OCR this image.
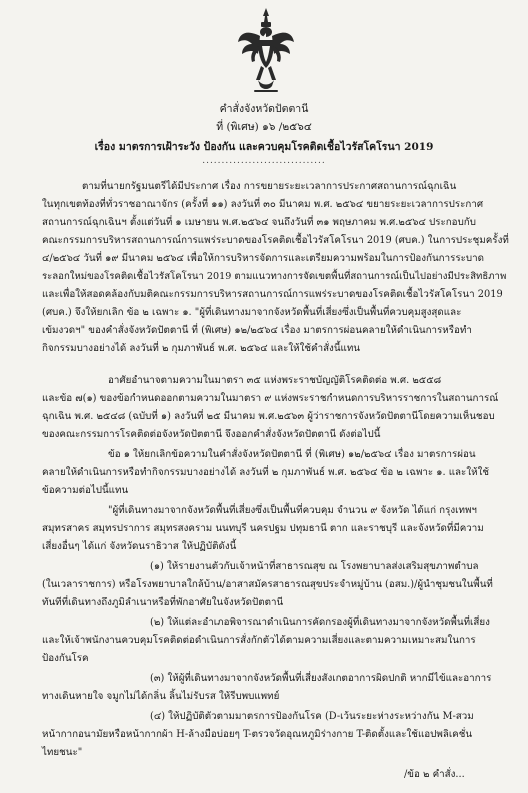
คำสั่งจังหวัดปัตตานี
ที่ (พิเศษ) ๑๖ /๒๕๖๔
เรื่อง มาตรการเฝ้าระวัง ป้องกัน และควบคุมโรคติดเชื้อไวรัสโคโรนา 2019
................................
ตามที่นายกรัฐมนตรีได้มีประกาศ เรื่อง การขยายระยะเวลาการประกาศสถานการณ์ฉุกเฉิน
ในทุกเขตท้องที่ทั่วราชอาณาจักร (ครั้งที่ ๑๑) ลงวันที่ ๓๐ มีนาคม พ.ศ. ๒๕๖๔ ขยายระยะเวลาการประกาศ
สถานการณ์ฉุกเฉินฯ ตั้งแต่วันที่ ๑ เมษายน พ.ศ.๒๕๖๔ จนถึงวันที่ ๓๑ พฤษภาคม พ.ศ.๒๕๖๔ ประกอบกับ
คณะกรรมการบริหารสถานการณ์การแพร่ระบาดของโรคติดเชื้อไวรัสโคโรนา 2019 (ศบค.) ในการประชุมครั้งที่
๔/๒๕๖๔ วันที่ ๑๙ มีนาคม ๒๕๖๔ เพื่อให้การบริหารจัดการและเตรียมความพร้อมในการป้องกันการระบาด
ระลอกใหม่ของโรคติดเชื้อไวรัสโคโรนา 2019 ตามแนวทางการจัดเขตพื้นที่สถานการณ์เป็นไปอย่างมีประสิทธิภาพ
และเพื่อให้สอดคล้องกับมติคณะกรรมการบริหารสถานการณ์การแพร่ระบาดของโรคติดเชื้อไวรัสโคโรนา 2019
(ศบค.) จึงให้ยกเลิก ข้อ ๒ เฉพาะ ๑. "ผู้ที่เดินทางมาจากจังหวัดพื้นที่เสี่ยงซึ่งเป็นพื้นที่ควบคุมสูงสุดและ
เข้มงวดฯ" ของคำสั่งจังหวัดปัตตานี ที่ (พิเศษ) ๑๒/๒๕๖๔ เรื่อง มาตรการผ่อนคลายให้ดำเนินการหรือทำ
กิจกรรมบางอย่างได้ ลงวันที่ ๒ กุมภาพันธ์ พ.ศ. ๒๕๖๔ และให้ใช้คำสั่งนี้แทน
อาศัยอำนาจตามความในมาตรา ๓๕ แห่งพระราชบัญญัติโรคติดต่อ พ.ศ. ๒๕๕๘
และข้อ ๗(๑) ของข้อกำหนดออกตามความในมาตรา ๙ แห่งพระราชกำหนดการบริหารราชการในสถานการณ์
ฉุกเฉิน พ.ศ. ๒๕๔๘ (ฉบับที่ ๑) ลงวันที่ ๒๕ มีนาคม พ.ศ.๒๕๖๓ ผู้ว่าราชการจังหวัดปัตตานีโดยความเห็นชอบ
ของคณะกรรมการโรคติดต่อจังหวัดปัตตานี จึงออกคำสั่งจังหวัดปัตตานี ดังต่อไปนี้
ข้อ ๑ ให้ยกเลิกข้อความในคำสั่งจังหวัดปัตตานี ที่ (พิเศษ) ๑๒/๒๕๖๔ เรื่อง มาตรการผ่อน
คลายให้ดำเนินการหรือทำกิจกรรมบางอย่างได้ ลงวันที่ ๒ กุมภาพันธ์ พ.ศ. ๒๕๖๔ ข้อ ๒ เฉพาะ ๑. และให้ใช้
ข้อความต่อไปนี้แทน
"ผู้ที่เดินทางมาจากจังหวัดพื้นที่เสี่ยงซึ่งเป็นพื้นที่ควบคุม จำนวน ๙ จังหวัด ได้แก่ กรุงเทพฯ
สมุทรสาคร สมุทรปราการ สมุทรสงคราม นนทบุรี นครปฐม ปทุมธานี ตาก และราชบุรี และจังหวัดที่มีความ
เสี่ยงอื่นๆ ได้แก่ จังหวัดนราธิวาส ให้ปฏิบัติดังนี้
(๑) ให้รายงานตัวกับเจ้าหน้าที่สาธารณสุข ณ โรงพยาบาลส่งเสริมสุขภาพตำบล
(ในเวลาราชการ) หรือโรงพยาบาลใกล้บ้าน/อาสาสมัครสาธารณสุขประจำหมู่บ้าน (อสม.)/ผู้นำชุมชนในพื้นที่
ทันทีที่เดินทางถึงภูมิลำเนาหรือที่พักอาศัยในจังหวัดปัตตานี
(๒) ให้แต่ละอำเภอพิจารณาดำเนินการคัดกรองผู้ที่เดินทางมาจากจังหวัดพื้นที่เสี่ยง
และให้เจ้าพนักงานควบคุมโรคติดต่อดำเนินการสั่งกักตัวได้ตามความเสี่ยงและตามความเหมาะสมในการ
ป้องกันโรค
(๓) ให้ผู้ที่เดินทางมาจากจังหวัดพื้นที่เสี่ยงสังเกตอาการผิดปกติ หากมีไข้และอาการ
ทางเดินหายใจ จมูกไม่ได้กลิ่น ลิ้นไม่รับรส ให้รีบพบแพทย์
(๔) ให้ปฏิบัติตัวตามมาตรการป้องกันโรค (D-เว้นระยะห่างระหว่างกัน M-สวม
หน้ากากอนามัยหรือหน้ากากผ้า H-ล้างมือบ่อยๆ T-ตรวจวัดอุณหภูมิร่างกาย T-ติดตั้งและใช้แอปพลิเคชั่น
ไทยชนะ"
/ข้อ ๒ คำสั่ง...
